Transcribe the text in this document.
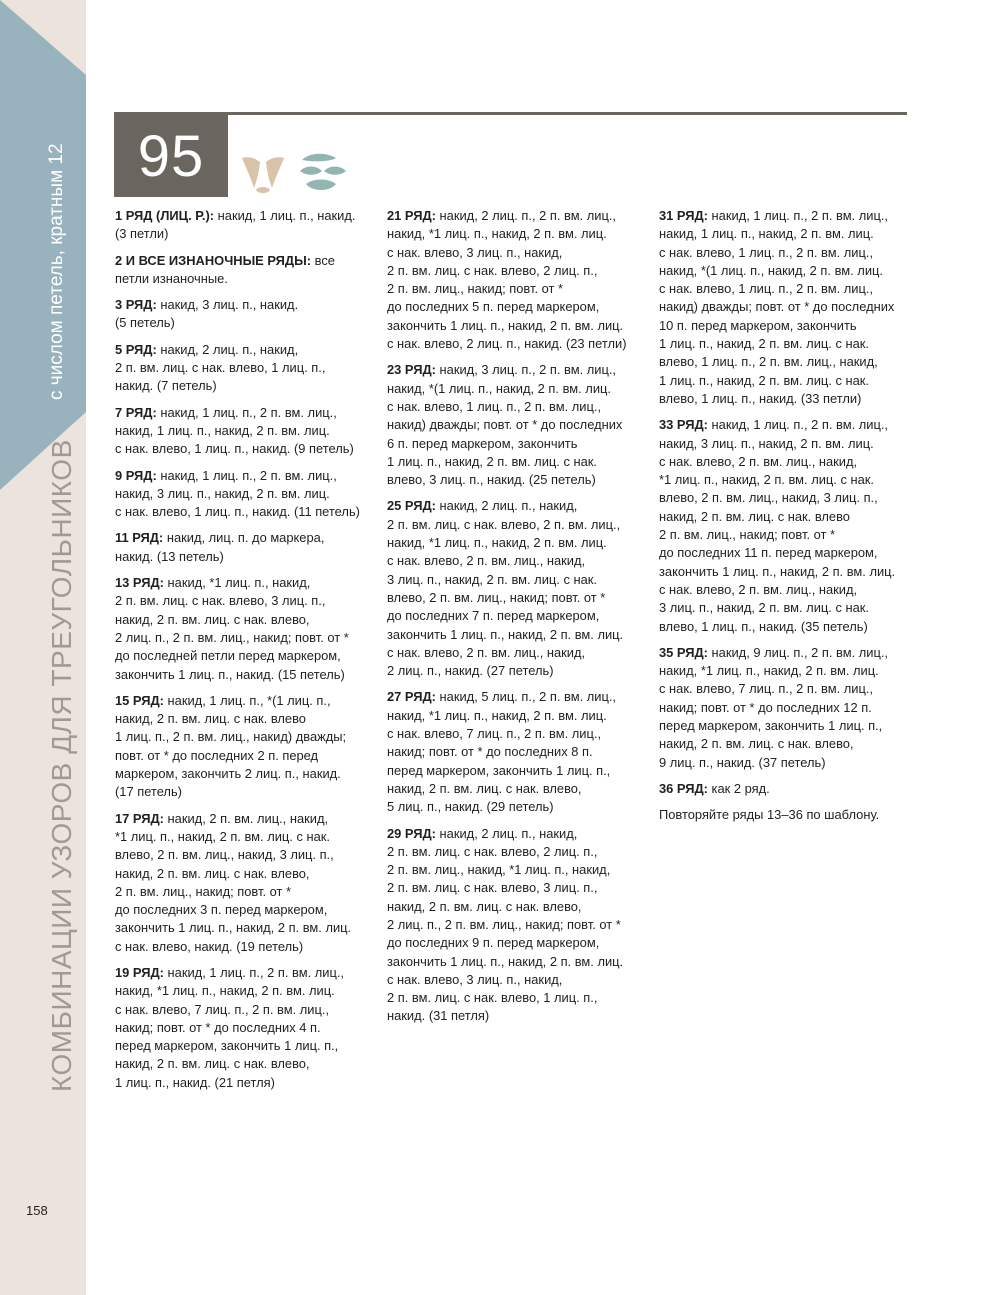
с числом петель, кратным 12
КОМБИНАЦИИ УЗОРОВ ДЛЯ ТРЕУГОЛЬНИКОВ
95

1 РЯД (ЛИЦ. Р.): накид, 1 лиц. п., накид.
(3 петли)

2 И ВСЕ ИЗНАНОЧНЫЕ РЯДЫ: все петли изнаночные.

3 РЯД: накид, 3 лиц. п., накид.
(5 петель)

5 РЯД: накид, 2 лиц. п., накид,
2 п. вм. лиц. с нак. влево, 1 лиц. п.,
накид. (7 петель)

7 РЯД: накид, 1 лиц. п., 2 п. вм. лиц.,
накид, 1 лиц. п., накид, 2 п. вм. лиц.
с нак. влево, 1 лиц. п., накид. (9 петель)

9 РЯД: накид, 1 лиц. п., 2 п. вм. лиц.,
накид, 3 лиц. п., накид, 2 п. вм. лиц.
с нак. влево, 1 лиц. п., накид. (11 петель)

11 РЯД: накид, лиц. п. до маркера,
накид. (13 петель)

13 РЯД: накид, *1 лиц. п., накид,
2 п. вм. лиц. с нак. влево, 3 лиц. п.,
накид, 2 п. вм. лиц. с нак. влево,
2 лиц. п., 2 п. вм. лиц., накид; повт. от *
до последней петли перед маркером,
закончить 1 лиц. п., накид. (15 петель)

15 РЯД: накид, 1 лиц. п., *(1 лиц. п.,
накид, 2 п. вм. лиц. с нак. влево
1 лиц. п., 2 п. вм. лиц., накид) дважды;
повт. от * до последних 2 п. перед
маркером, закончить 2 лиц. п., накид.
(17 петель)

17 РЯД: накид, 2 п. вм. лиц., накид,
*1 лиц. п., накид, 2 п. вм. лиц. с нак.
влево, 2 п. вм. лиц., накид, 3 лиц. п.,
накид, 2 п. вм. лиц. с нак. влево,
2 п. вм. лиц., накид; повт. от *
до последних 3 п. перед маркером,
закончить 1 лиц. п., накид, 2 п. вм. лиц.
с нак. влево, накид. (19 петель)

19 РЯД: накид, 1 лиц. п., 2 п. вм. лиц.,
накид, *1 лиц. п., накид, 2 п. вм. лиц.
с нак. влево, 7 лиц. п., 2 п. вм. лиц.,
накид; повт. от * до последних 4 п.
перед маркером, закончить 1 лиц. п.,
накид, 2 п. вм. лиц. с нак. влево,
1 лиц. п., накид. (21 петля)

21 РЯД: накид, 2 лиц. п., 2 п. вм. лиц.,
накид, *1 лиц. п., накид, 2 п. вм. лиц.
с нак. влево, 3 лиц. п., накид,
2 п. вм. лиц. с нак. влево, 2 лиц. п.,
2 п. вм. лиц., накид; повт. от *
до последних 5 п. перед маркером,
закончить 1 лиц. п., накид, 2 п. вм. лиц.
с нак. влево, 2 лиц. п., накид. (23 петли)

23 РЯД: накид, 3 лиц. п., 2 п. вм. лиц.,
накид, *(1 лиц. п., накид, 2 п. вм. лиц.
с нак. влево, 1 лиц. п., 2 п. вм. лиц.,
накид) дважды; повт. от * до последних
6 п. перед маркером, закончить
1 лиц. п., накид, 2 п. вм. лиц. с нак.
влево, 3 лиц. п., накид. (25 петель)

25 РЯД: накид, 2 лиц. п., накид,
2 п. вм. лиц. с нак. влево, 2 п. вм. лиц.,
накид, *1 лиц. п., накид, 2 п. вм. лиц.
с нак. влево, 2 п. вм. лиц., накид,
3 лиц. п., накид, 2 п. вм. лиц. с нак.
влево, 2 п. вм. лиц., накид; повт. от *
до последних 7 п. перед маркером,
закончить 1 лиц. п., накид, 2 п. вм. лиц.
с нак. влево, 2 п. вм. лиц., накид,
2 лиц. п., накид. (27 петель)

27 РЯД: накид, 5 лиц. п., 2 п. вм. лиц.,
накид, *1 лиц. п., накид, 2 п. вм. лиц.
с нак. влево, 7 лиц. п., 2 п. вм. лиц.,
накид; повт. от * до последних 8 п.
перед маркером, закончить 1 лиц. п.,
накид, 2 п. вм. лиц. с нак. влево,
5 лиц. п., накид. (29 петель)

29 РЯД: накид, 2 лиц. п., накид,
2 п. вм. лиц. с нак. влево, 2 лиц. п.,
2 п. вм. лиц., накид, *1 лиц. п., накид,
2 п. вм. лиц. с нак. влево, 3 лиц. п.,
накид, 2 п. вм. лиц. с нак. влево,
2 лиц. п., 2 п. вм. лиц., накид; повт. от *
до последних 9 п. перед маркером,
закончить 1 лиц. п., накид, 2 п. вм. лиц.
с нак. влево, 3 лиц. п., накид,
2 п. вм. лиц. с нак. влево, 1 лиц. п.,
накид. (31 петля)

31 РЯД: накид, 1 лиц. п., 2 п. вм. лиц.,
накид, 1 лиц. п., накид, 2 п. вм. лиц.
с нак. влево, 1 лиц. п., 2 п. вм. лиц.,
накид, *(1 лиц. п., накид, 2 п. вм. лиц.
с нак. влево, 1 лиц. п., 2 п. вм. лиц.,
накид) дважды; повт. от * до последних
10 п. перед маркером, закончить
1 лиц. п., накид, 2 п. вм. лиц. с нак.
влево, 1 лиц. п., 2 п. вм. лиц., накид,
1 лиц. п., накид, 2 п. вм. лиц. с нак.
влево, 1 лиц. п., накид. (33 петли)

33 РЯД: накид, 1 лиц. п., 2 п. вм. лиц.,
накид, 3 лиц. п., накид, 2 п. вм. лиц.
с нак. влево, 2 п. вм. лиц., накид,
*1 лиц. п., накид, 2 п. вм. лиц. с нак.
влево, 2 п. вм. лиц., накид, 3 лиц. п.,
накид, 2 п. вм. лиц. с нак. влево
2 п. вм. лиц., накид; повт. от *
до последних 11 п. перед маркером,
закончить 1 лиц. п., накид, 2 п. вм. лиц.
с нак. влево, 2 п. вм. лиц., накид,
3 лиц. п., накид, 2 п. вм. лиц. с нак.
влево, 1 лиц. п., накид. (35 петель)

35 РЯД: накид, 9 лиц. п., 2 п. вм. лиц.,
накид, *1 лиц. п., накид, 2 п. вм. лиц.
с нак. влево, 7 лиц. п., 2 п. вм. лиц.,
накид; повт. от * до последних 12 п.
перед маркером, закончить 1 лиц. п.,
накид, 2 п. вм. лиц. с нак. влево,
9 лиц. п., накид. (37 петель)

36 РЯД: как 2 ряд.

Повторяйте ряды 13–36 по шаблону.

158
